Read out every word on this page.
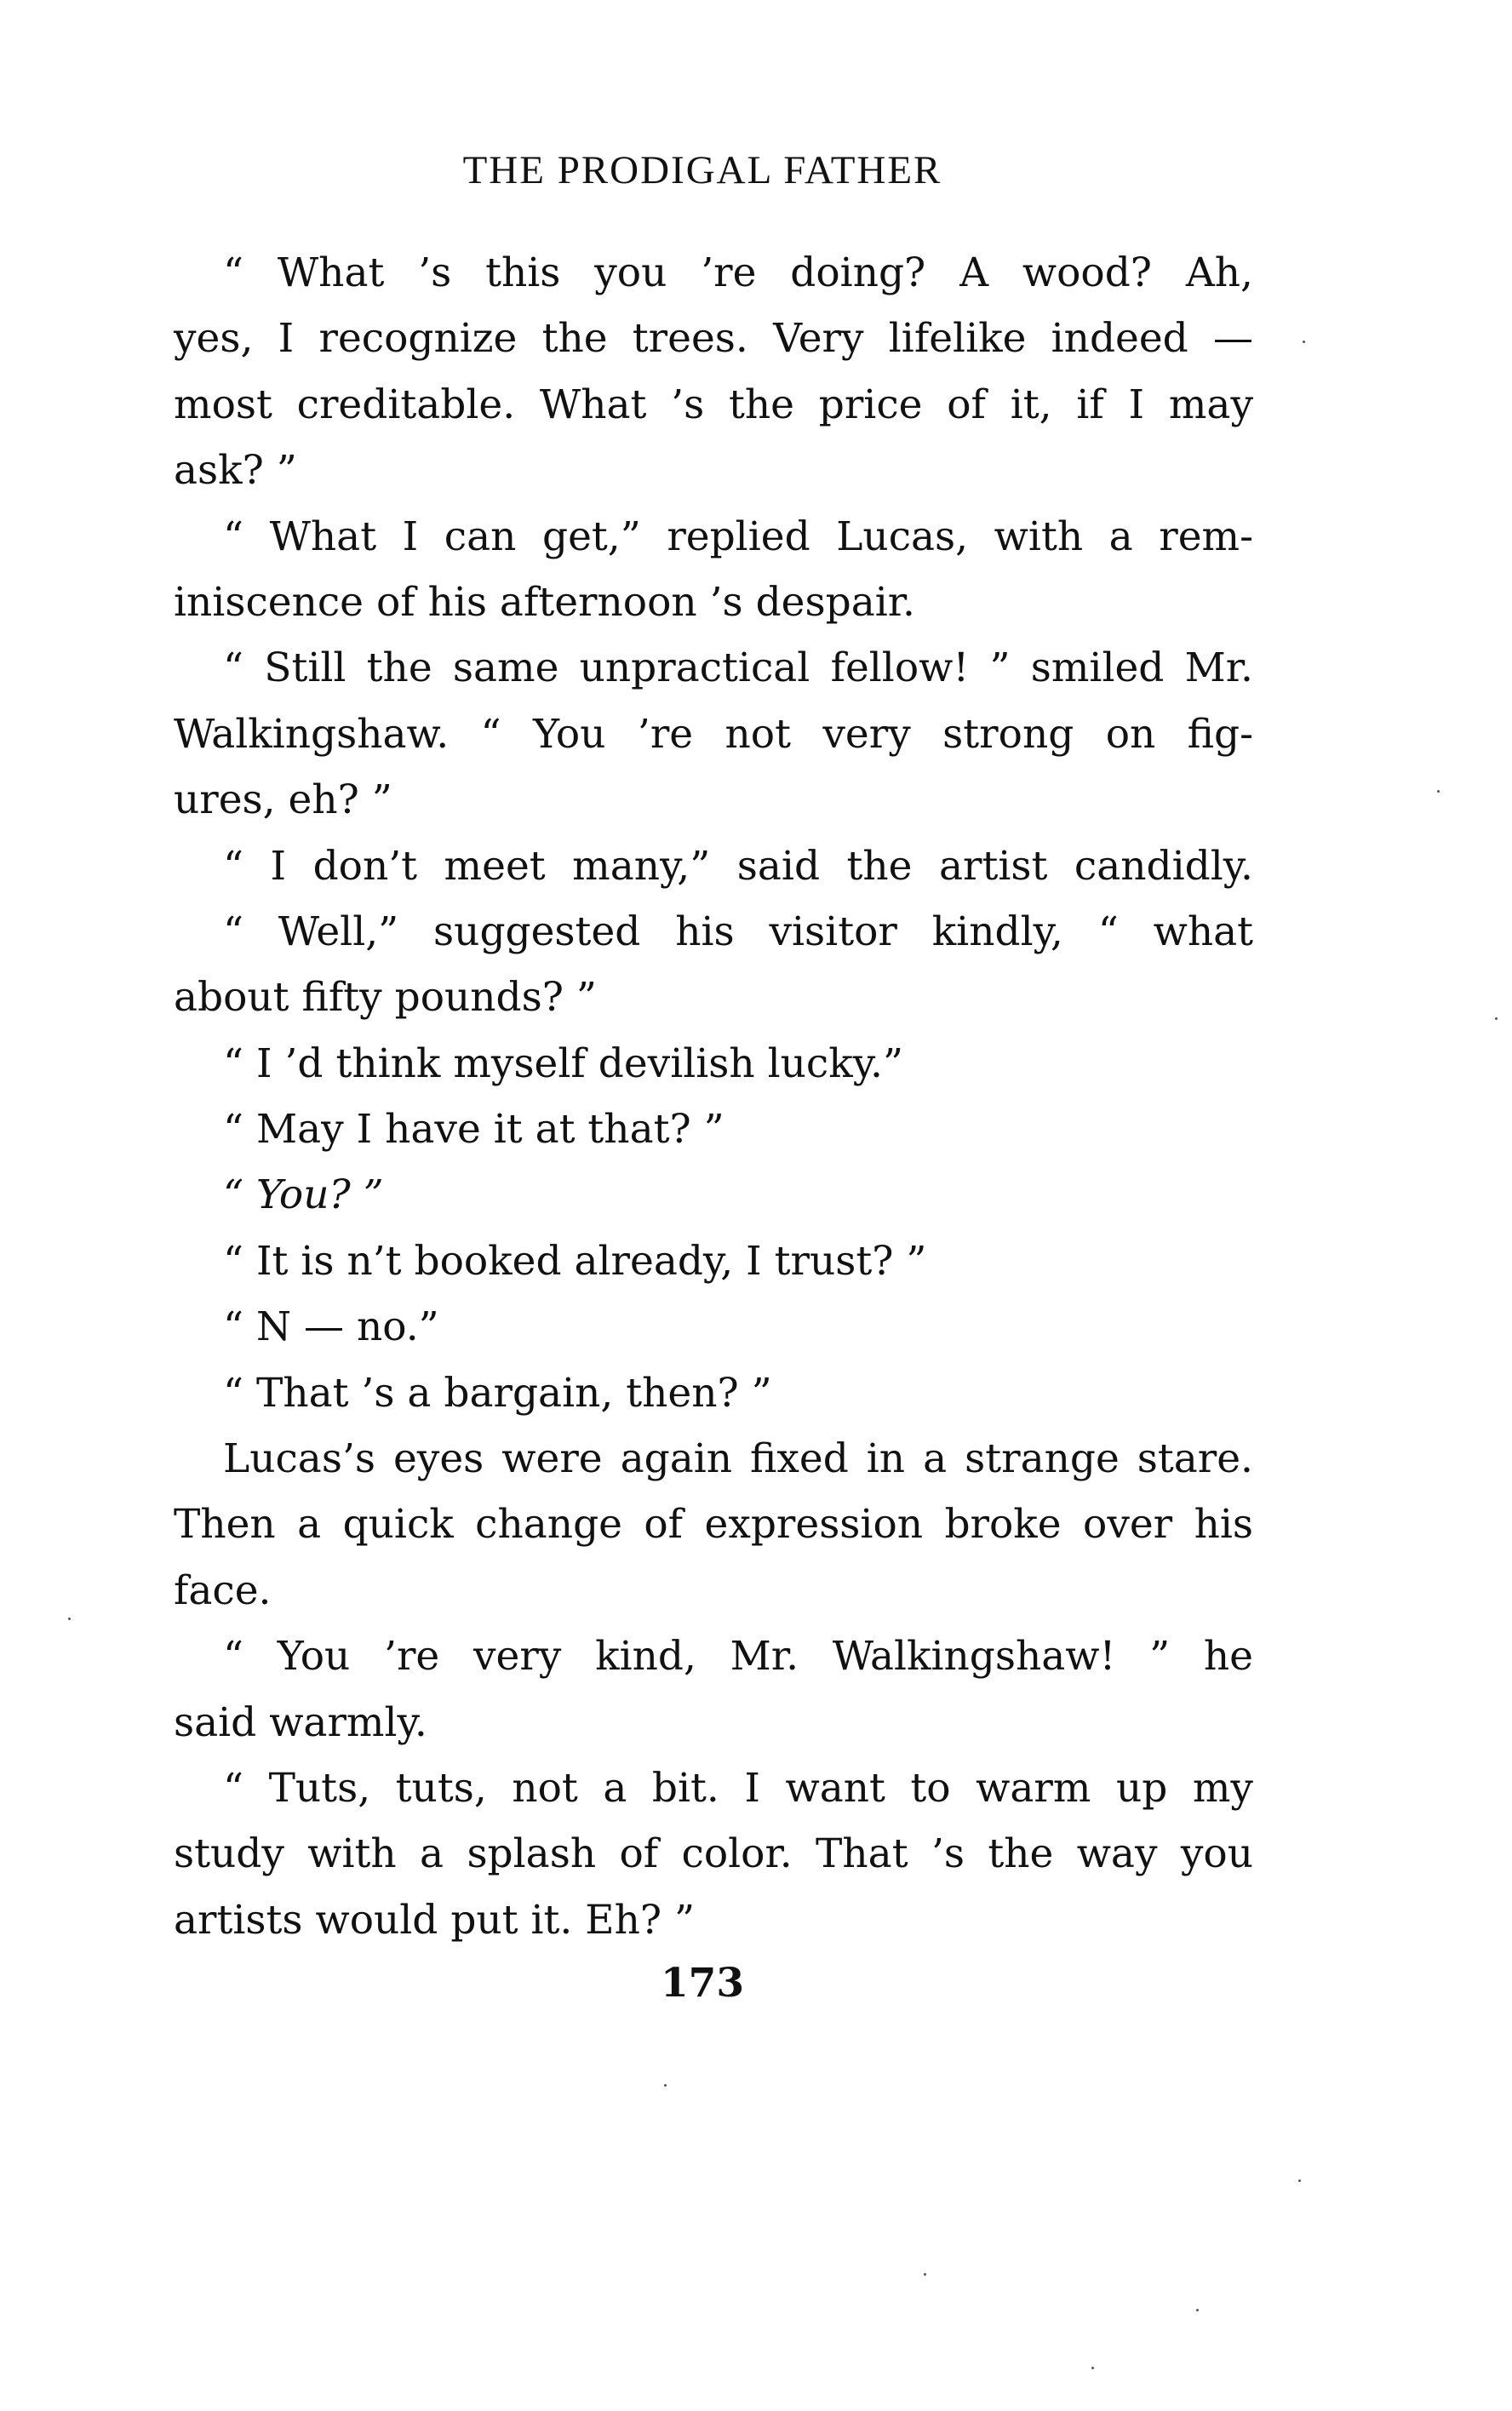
THE PRODIGAL FATHER
“ What ’s this you ’re doing? A wood? Ah,
yes, I recognize the trees. Very lifelike indeed —
most creditable. What ’s the price of it, if I may
ask? ”
“ What I can get,” replied Lucas, with a rem-
iniscence of his afternoon ’s despair.
“ Still the same unpractical fellow! ” smiled Mr.
Walkingshaw. “ You ’re not very strong on fig-
ures, eh? ”
“ I don’t meet many,” said the artist candidly.
“ Well,” suggested his visitor kindly, “ what
about fifty pounds? ”
“ I ’d think myself devilish lucky.”
“ May I have it at that? ”
“ You? ”
“ It is n’t booked already, I trust? ”
“ N — no.”
“ That ’s a bargain, then? ”
Lucas’s eyes were again fixed in a strange stare.
Then a quick change of expression broke over his
face.
“ You ’re very kind, Mr. Walkingshaw! ” he
said warmly.
“ Tuts, tuts, not a bit. I want to warm up my
study with a splash of color. That ’s the way you
artists would put it. Eh? ”
173
